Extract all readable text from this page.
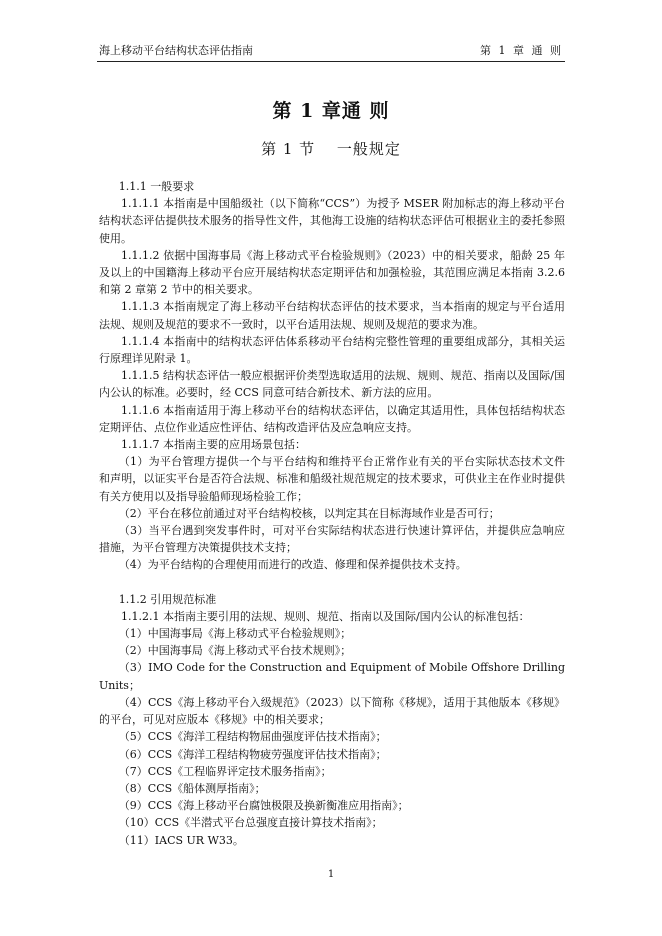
海上移动平台结构状态评估指南	第 1 章 通 则
第 1 章通 则
第 1 节　 一般规定

1.1.1 一般要求

1.1.1.1 本指南是中国船级社（以下简称“CCS”）为授予 MSER 附加标志的海上移动平台结构状态评估提供技术服务的指导性文件，其他海工设施的结构状态评估可根据业主的委托参照使用。

1.1.1.2 依据中国海事局《海上移动式平台检验规则》（2023）中的相关要求，船龄 25 年及以上的中国籍海上移动平台应开展结构状态定期评估和加强检验，其范围应满足本指南 3.2.6 和第 2 章第 2 节中的相关要求。

1.1.1.3 本指南规定了海上移动平台结构状态评估的技术要求，当本指南的规定与平台适用法规、规则及规范的要求不一致时，以平台适用法规、规则及规范的要求为准。

1.1.1.4 本指南中的结构状态评估体系移动平台结构完整性管理的重要组成部分，其相关运行原理详见附录 1。

1.1.1.5 结构状态评估一般应根据评价类型选取适用的法规、规则、规范、指南以及国际/国内公认的标准。必要时，经 CCS 同意可结合新技术、新方法的应用。

1.1.1.6 本指南适用于海上移动平台的结构状态评估，以确定其适用性，具体包括结构状态定期评估、点位作业适应性评估、结构改造评估及应急响应支持。

1.1.1.7 本指南主要的应用场景包括：

（1）为平台管理方提供一个与平台结构和维持平台正常作业有关的平台实际状态技术文件和声明，以证实平台是否符合法规、标准和船级社规范规定的技术要求，可供业主在作业时提供有关方使用以及指导验船师现场检验工作；

（2）平台在移位前通过对平台结构校核，以判定其在目标海域作业是否可行；

（3）当平台遇到突发事件时，可对平台实际结构状态进行快速计算评估，并提供应急响应措施，为平台管理方决策提供技术支持；

（4）为平台结构的合理使用而进行的改造、修理和保养提供技术支持。

1.1.2 引用规范标准

1.1.2.1 本指南主要引用的法规、规则、规范、指南以及国际/国内公认的标准包括：

（1）中国海事局《海上移动式平台检验规则》；

（2）中国海事局《海上移动式平台技术规则》；

（3）IMO Code for the Construction and Equipment of Mobile Offshore Drilling Units；

（4）CCS《海上移动平台入级规范》（2023）以下简称《移规》，适用于其他版本《移规》的平台，可见对应版本《移规》中的相关要求；

（5）CCS《海洋工程结构物屈曲强度评估技术指南》；

（6）CCS《海洋工程结构物疲劳强度评估技术指南》；

（7）CCS《工程临界评定技术服务指南》；

（8）CCS《船体测厚指南》；

（9）CCS《海上移动平台腐蚀极限及换新衡准应用指南》；

（10）CCS《半潜式平台总强度直接计算技术指南》；

（11）IACS UR W33。

1
